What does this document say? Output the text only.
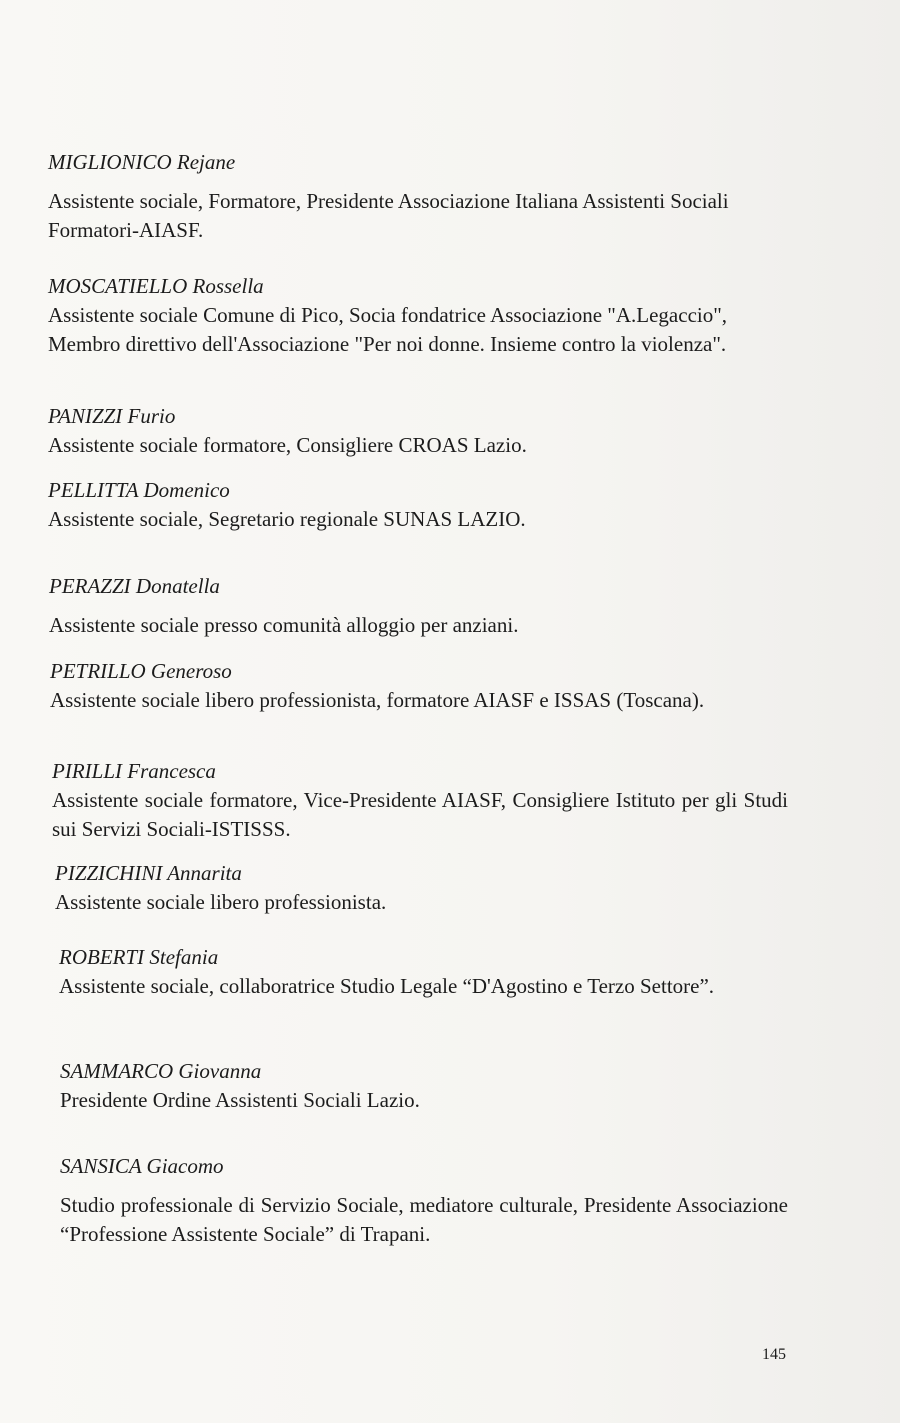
MIGLIONICO Rejane

Assistente sociale, Formatore, Presidente Associazione Italiana Assistenti Sociali Formatori-AIASF.

MOSCATIELLO Rossella

Assistente sociale Comune di Pico, Socia fondatrice Associazione "A.Legaccio", Membro direttivo dell'Associazione "Per noi donne. Insieme contro la violenza".

PANIZZI Furio

Assistente sociale formatore, Consigliere CROAS Lazio.

PELLITTA Domenico

Assistente sociale, Segretario regionale SUNAS LAZIO.

PERAZZI Donatella

Assistente sociale presso comunità alloggio per anziani.

PETRILLO Generoso

Assistente sociale libero professionista, formatore AIASF e ISSAS (Toscana).

PIRILLI Francesca

Assistente sociale formatore, Vice-Presidente AIASF, Consigliere Istituto per gli Studi sui Servizi Sociali-ISTISSS.

PIZZICHINI Annarita

Assistente sociale libero professionista.

ROBERTI Stefania

Assistente sociale, collaboratrice Studio Legale “D'Agostino e Terzo Settore”.

SAMMARCO Giovanna

Presidente Ordine Assistenti Sociali Lazio.

SANSICA Giacomo

Studio professionale di Servizio Sociale, mediatore culturale, Presidente Associazione “Professione Assistente Sociale” di Trapani.

145
